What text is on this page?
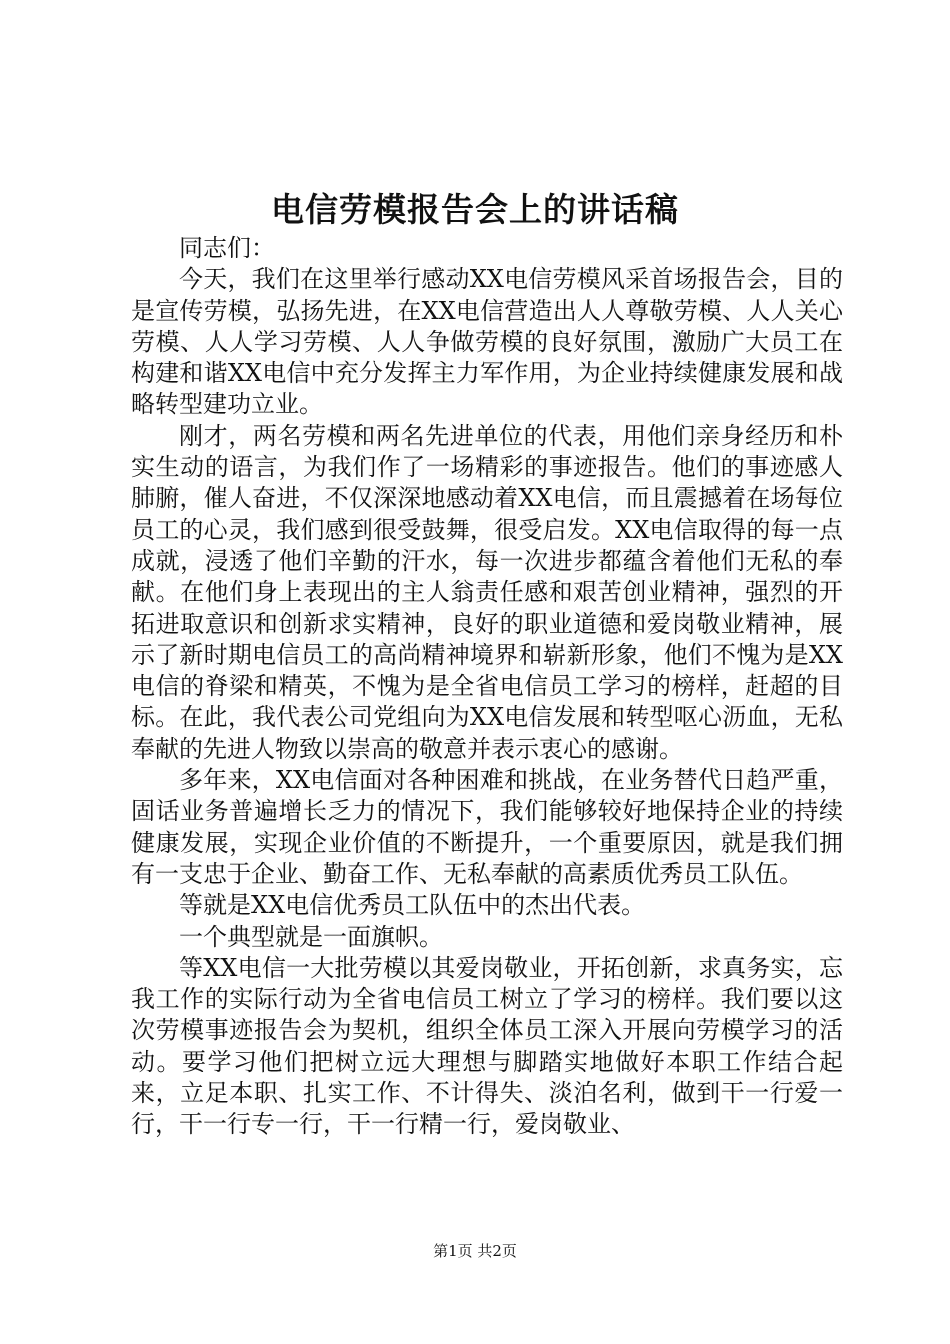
电信劳模报告会上的讲话稿

同志们：

今天，我们在这里举行感动XX电信劳模风采首场报告会，目的是宣传劳模，弘扬先进，在XX电信营造出人人尊敬劳模、人人关心劳模、人人学习劳模、人人争做劳模的良好氛围，激励广大员工在构建和谐XX电信中充分发挥主力军作用，为企业持续健康发展和战略转型建功立业。

刚才，两名劳模和两名先进单位的代表，用他们亲身经历和朴实生动的语言，为我们作了一场精彩的事迹报告。他们的事迹感人肺腑，催人奋进，不仅深深地感动着XX电信，而且震撼着在场每位员工的心灵，我们感到很受鼓舞，很受启发。XX电信取得的每一点成就，浸透了他们辛勤的汗水，每一次进步都蕴含着他们无私的奉献。在他们身上表现出的主人翁责任感和艰苦创业精神，强烈的开拓进取意识和创新求实精神，良好的职业道德和爱岗敬业精神，展示了新时期电信员工的高尚精神境界和崭新形象，他们不愧为是XX电信的脊梁和精英，不愧为是全省电信员工学习的榜样，赶超的目标。在此，我代表公司党组向为XX电信发展和转型呕心沥血，无私奉献的先进人物致以崇高的敬意并表示衷心的感谢。

多年来，XX电信面对各种困难和挑战，在业务替代日趋严重，固话业务普遍增长乏力的情况下，我们能够较好地保持企业的持续健康发展，实现企业价值的不断提升，一个重要原因，就是我们拥有一支忠于企业、勤奋工作、无私奉献的高素质优秀员工队伍。

等就是XX电信优秀员工队伍中的杰出代表。

一个典型就是一面旗帜。

等XX电信一大批劳模以其爱岗敬业，开拓创新，求真务实，忘我工作的实际行动为全省电信员工树立了学习的榜样。我们要以这次劳模事迹报告会为契机，组织全体员工深入开展向劳模学习的活动。要学习他们把树立远大理想与脚踏实地做好本职工作结合起来，立足本职、扎实工作、不计得失、淡泊名利，做到干一行爱一行，干一行专一行，干一行精一行，爱岗敬业、

第1页 共2页
